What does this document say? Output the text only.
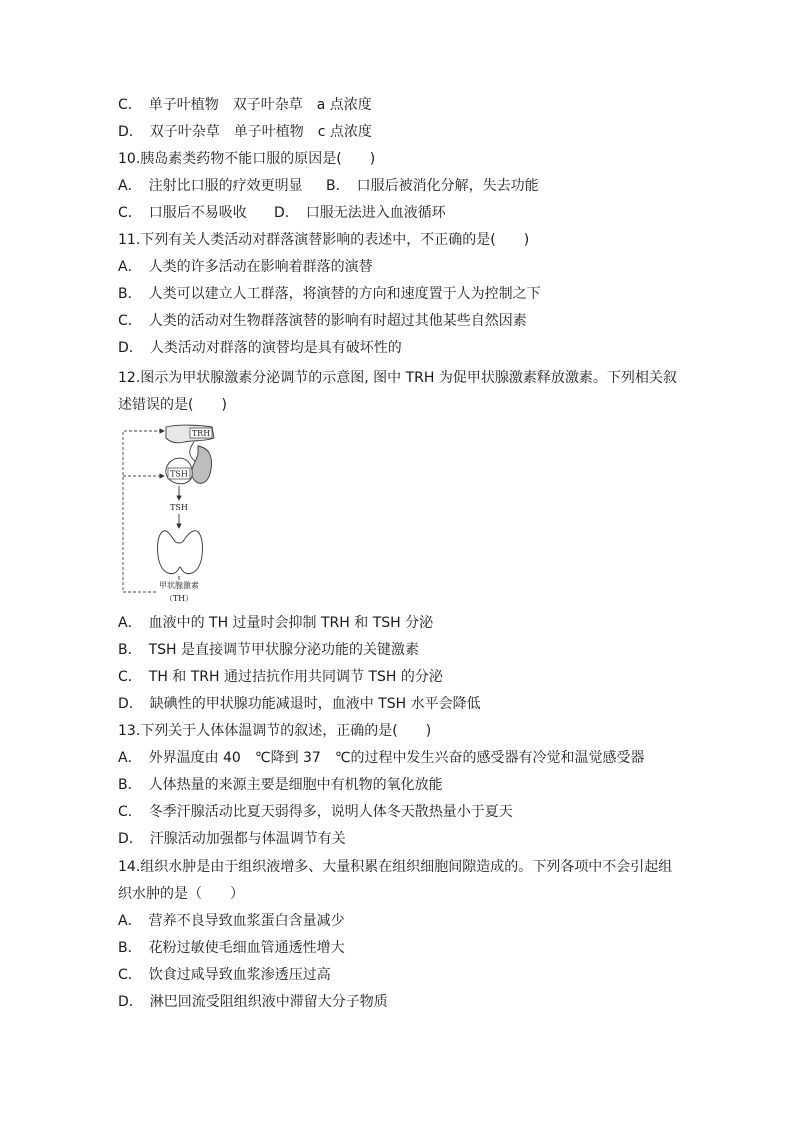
C．　单子叶植物　双子叶杂草　a 点浓度
D．　双子叶杂草　单子叶植物　c 点浓度
10.胰岛素类药物不能口服的原因是(　　)
A．　注射比口服的疗效更明显 B．　口服后被消化分解，失去功能
C．　口服后不易吸收 D．　口服无法进入血液循环
11.下列有关人类活动对群落演替影响的表述中，不正确的是(　　)
A．　人类的许多活动在影响着群落的演替
B．　人类可以建立人工群落，将演替的方向和速度置于人为控制之下
C．　人类的活动对生物群落演替的影响有时超过其他某些自然因素
D．　人类活动对群落的演替均是具有破坏性的
12.图示为甲状腺激素分泌调节的示意图, 图中 TRH 为促甲状腺激素释放激素。下列相关叙
述错误的是(　　)
TRH
TSH
TSH
甲状腺激素
（TH）
A．　血液中的 TH 过量时会抑制 TRH 和 TSH 分泌
B．　TSH 是直接调节甲状腺分泌功能的关键激素
C．　TH 和 TRH 通过拮抗作用共同调节 TSH 的分泌
D．　缺碘性的甲状腺功能减退时，血液中 TSH 水平会降低
13.下列关于人体体温调节的叙述，正确的是(　　)
A．　外界温度由 40　℃降到 37　℃的过程中发生兴奋的感受器有冷觉和温觉感受器
B．　人体热量的来源主要是细胞中有机物的氧化放能
C．　冬季汗腺活动比夏天弱得多，说明人体冬天散热量小于夏天
D．　汗腺活动加强都与体温调节有关
14.组织水肿是由于组织液增多、大量积累在组织细胞间隙造成的。下列各项中不会引起组
织水肿的是（　　）
A．　营养不良导致血浆蛋白含量减少
B．　花粉过敏使毛细血管通透性增大
C．　饮食过咸导致血浆渗透压过高
D．　淋巴回流受阻组织液中滞留大分子物质
